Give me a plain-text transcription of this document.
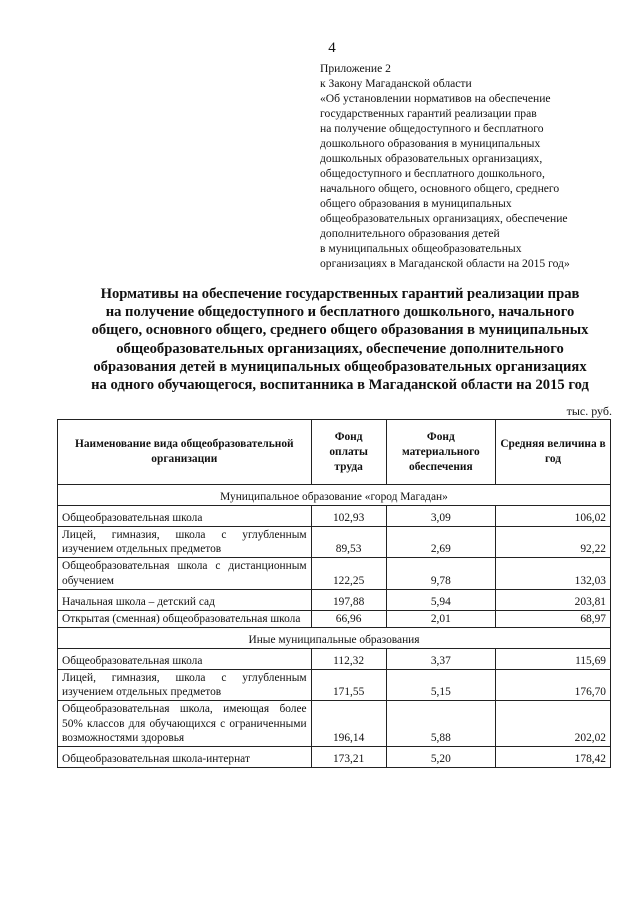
4
Приложение 2
к Закону Магаданской области
«Об установлении нормативов на обеспечение
государственных гарантий реализации прав
на получение общедоступного и бесплатного
дошкольного образования в муниципальных
дошкольных образовательных организациях,
общедоступного и бесплатного дошкольного,
начального общего, основного общего, среднего
общего образования в муниципальных
общеобразовательных организациях, обеспечение
дополнительного образования детей
в муниципальных общеобразовательных
организациях в Магаданской области на 2015 год»
Нормативы на обеспечение государственных гарантий реализации прав
на получение общедоступного и бесплатного дошкольного, начального
общего, основного общего, среднего общего образования в муниципальных
общеобразовательных организациях, обеспечение дополнительного
образования детей в муниципальных общеобразовательных организациях
на одного обучающегося, воспитанника в Магаданской области на 2015 год
тыс. руб.
Наименование вида общеобразовательной организации	Фонд оплаты труда	Фонд материального обеспечения	Средняя величина в год
Муниципальное образование «город Магадан»			
Общеобразовательная школа	102,93	3,09	106,02
Лицей, гимназия, школа с углубленным изучением отдельных предметов	89,53	2,69	92,22
Общеобразовательная школа с дистанционным обучением	122,25	9,78	132,03
Начальная школа – детский сад	197,88	5,94	203,81
Открытая (сменная) общеобразовательная школа	66,96	2,01	68,97
Иные муниципальные образования			
Общеобразовательная школа	112,32	3,37	115,69
Лицей, гимназия, школа с углубленным изучением отдельных предметов	171,55	5,15	176,70
Общеобразовательная школа, имеющая более 50% классов для обучающихся с ограниченными возможностями здоровья	196,14	5,88	202,02
Общеобразовательная школа-интернат	173,21	5,20	178,42
